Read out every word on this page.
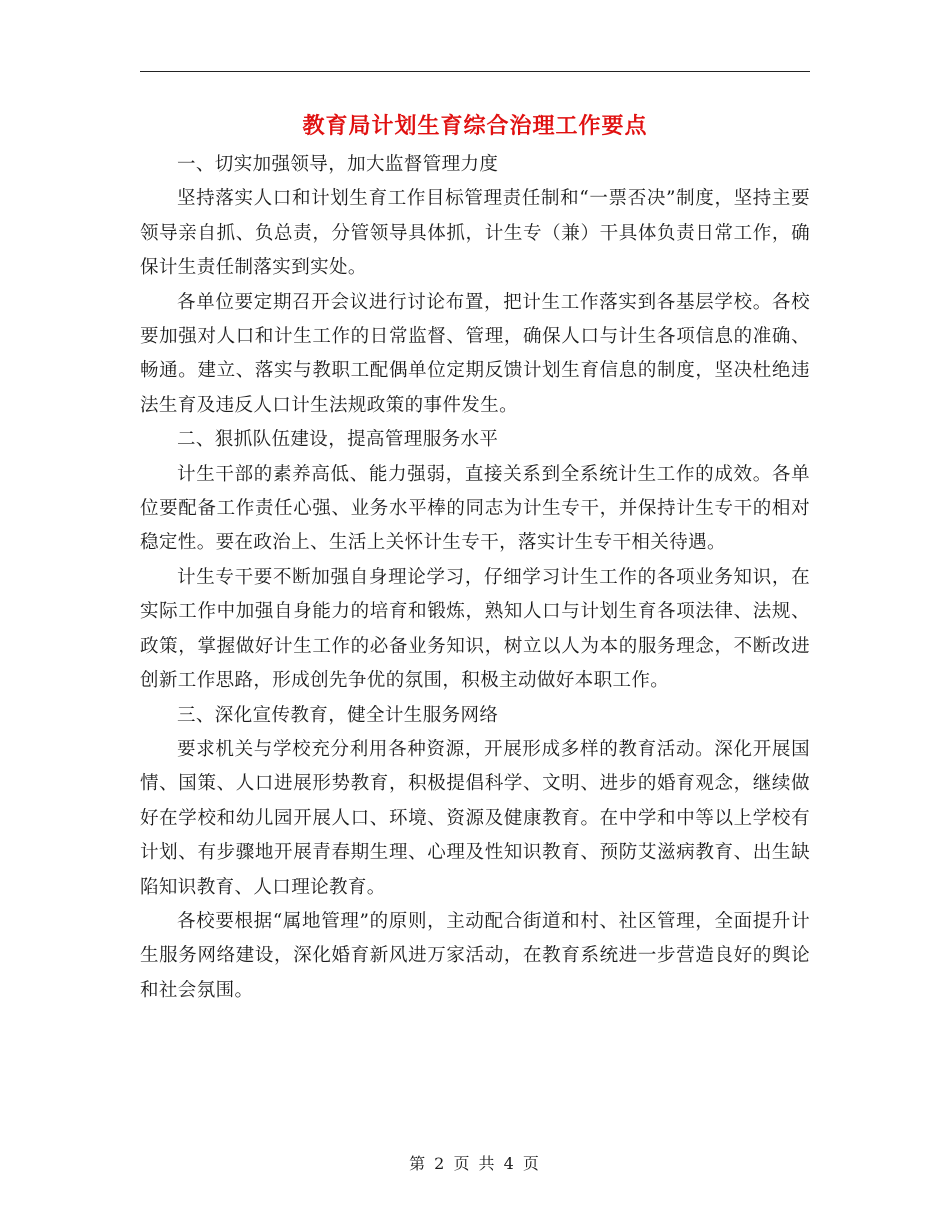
教育局计划生育综合治理工作要点

一、切实加强领导，加大监督管理力度

坚持落实人口和计划生育工作目标管理责任制和“一票否决”制度，坚持主要领导亲自抓、负总责，分管领导具体抓，计生专（兼）干具体负责日常工作，确保计生责任制落实到实处。

各单位要定期召开会议进行讨论布置，把计生工作落实到各基层学校。各校要加强对人口和计生工作的日常监督、管理，确保人口与计生各项信息的准确、畅通。建立、落实与教职工配偶单位定期反馈计划生育信息的制度，坚决杜绝违法生育及违反人口计生法规政策的事件发生。

二、狠抓队伍建设，提高管理服务水平

计生干部的素养高低、能力强弱，直接关系到全系统计生工作的成效。各单位要配备工作责任心强、业务水平棒的同志为计生专干，并保持计生专干的相对稳定性。要在政治上、生活上关怀计生专干，落实计生专干相关待遇。

计生专干要不断加强自身理论学习，仔细学习计生工作的各项业务知识，在实际工作中加强自身能力的培育和锻炼，熟知人口与计划生育各项法律、法规、政策，掌握做好计生工作的必备业务知识，树立以人为本的服务理念，不断改进创新工作思路，形成创先争优的氛围，积极主动做好本职工作。

三、深化宣传教育，健全计生服务网络

要求机关与学校充分利用各种资源，开展形成多样的教育活动。深化开展国情、国策、人口进展形势教育，积极提倡科学、文明、进步的婚育观念，继续做好在学校和幼儿园开展人口、环境、资源及健康教育。在中学和中等以上学校有计划、有步骤地开展青春期生理、心理及性知识教育、预防艾滋病教育、出生缺陷知识教育、人口理论教育。

各校要根据“属地管理”的原则，主动配合街道和村、社区管理，全面提升计生服务网络建设，深化婚育新风进万家活动，在教育系统进一步营造良好的舆论和社会氛围。

第 2 页 共 4 页
